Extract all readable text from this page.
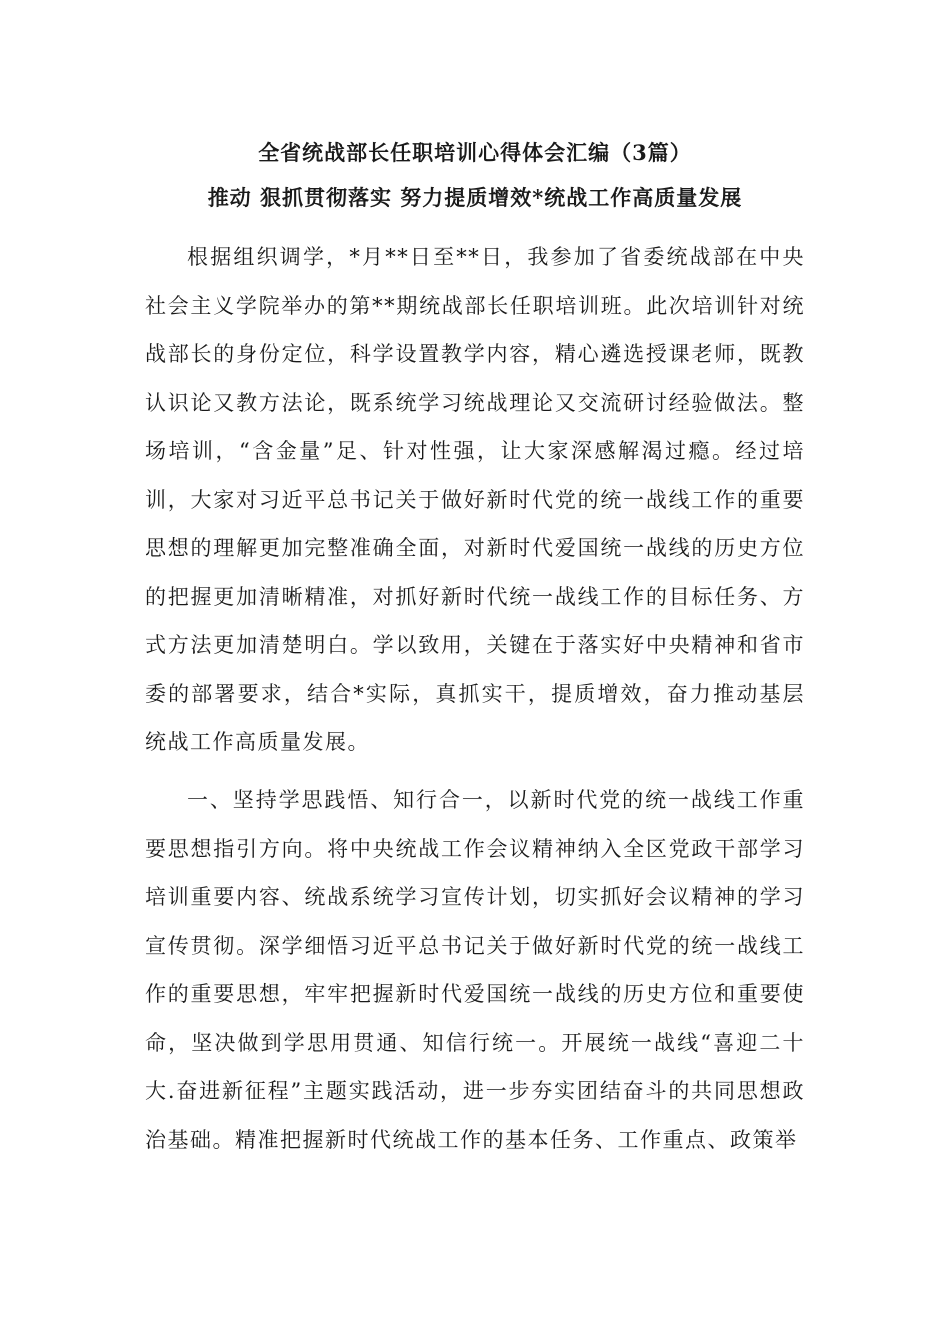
全省统战部长任职培训心得体会汇编（3篇）
推动 狠抓贯彻落实 努力提质增效*统战工作高质量发展

根据组织调学，*月**日至**日，我参加了省委统战部在中央社会主义学院举办的第**期统战部长任职培训班。此次培训针对统战部长的身份定位，科学设置教学内容，精心遴选授课老师，既教认识论又教方法论，既系统学习统战理论又交流研讨经验做法。整场培训，“含金量”足、针对性强，让大家深感解渴过瘾。经过培训，大家对习近平总书记关于做好新时代党的统一战线工作的重要思想的理解更加完整准确全面，对新时代爱国统一战线的历史方位的把握更加清晰精准，对抓好新时代统一战线工作的目标任务、方式方法更加清楚明白。学以致用，关键在于落实好中央精神和省市委的部署要求，结合*实际，真抓实干，提质增效，奋力推动基层统战工作高质量发展。

一、坚持学思践悟、知行合一，以新时代党的统一战线工作重要思想指引方向。将中央统战工作会议精神纳入全区党政干部学习培训重要内容、统战系统学习宣传计划，切实抓好会议精神的学习宣传贯彻。深学细悟习近平总书记关于做好新时代党的统一战线工作的重要思想，牢牢把握新时代爱国统一战线的历史方位和重要使命，坚决做到学思用贯通、知信行统一。开展统一战线“喜迎二十大.奋进新征程”主题实践活动，进一步夯实团结奋斗的共同思想政治基础。精准把握新时代统战工作的基本任务、工作重点、政策举
